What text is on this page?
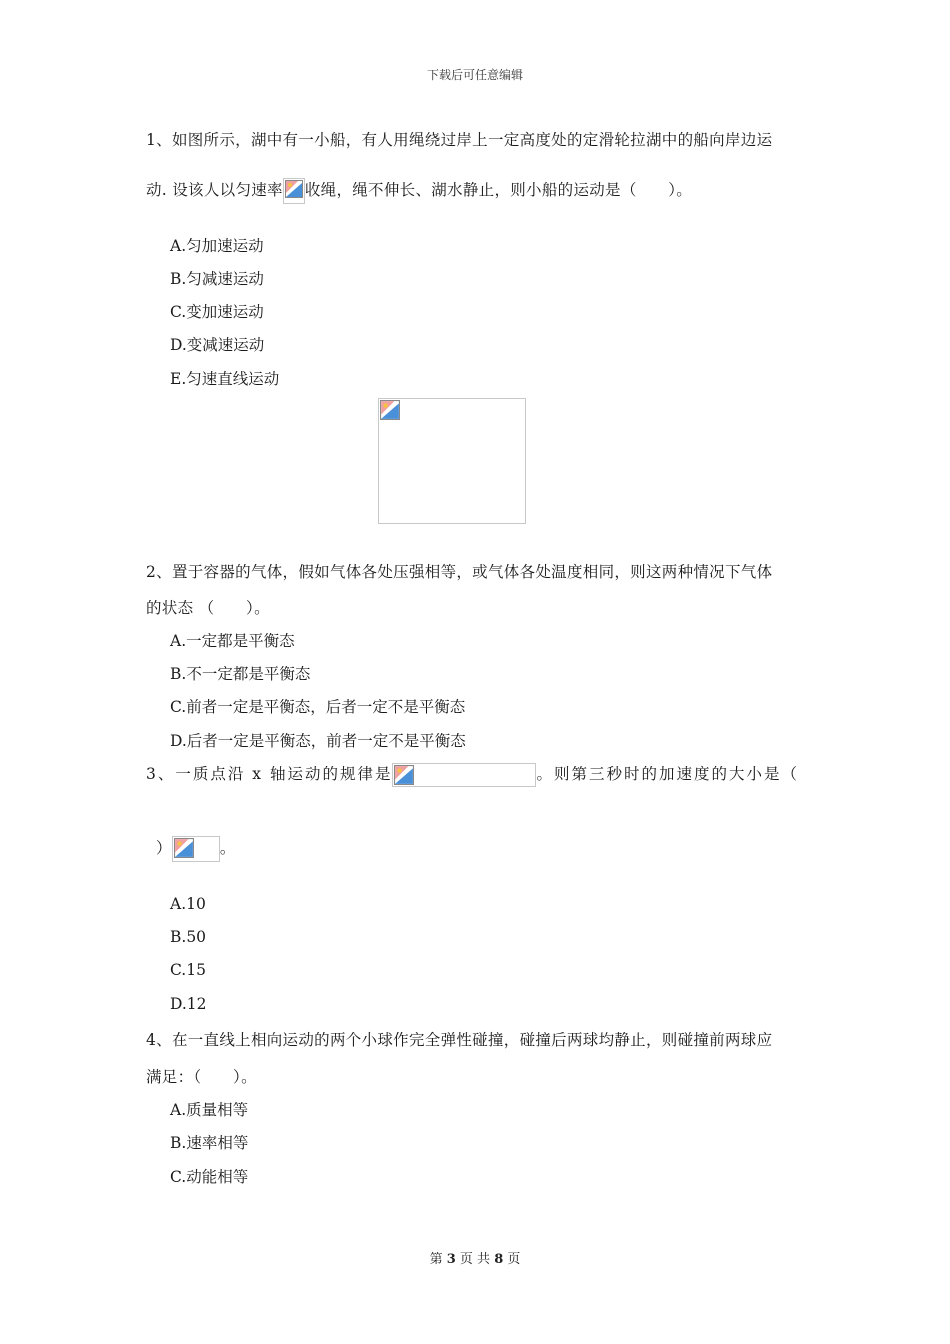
下载后可任意编辑
1、如图所示，湖中有一小船，有人用绳绕过岸上一定高度处的定滑轮拉湖中的船向岸边运
动. 设该人以匀速率 收绳，绳不伸长、湖水静止，则小船的运动是（　　）。
A.匀加速运动
B.匀减速运动
C.变加速运动
D.变减速运动
E.匀速直线运动
2、置于容器的气体，假如气体各处压强相等，或气体各处温度相同，则这两种情况下气体
的状态 （　　）。
A.一定都是平衡态
B.不一定都是平衡态
C.前者一定是平衡态，后者一定不是平衡态
D.后者一定是平衡态，前者一定不是平衡态
3、一质点沿 x 轴运动的规律是	。则第三秒时的加速度的大小是（
）	。
A.10
B.50
C.15
D.12
4、在一直线上相向运动的两个小球作完全弹性碰撞，碰撞后两球均静止，则碰撞前两球应
满足：（　　）。
A.质量相等
B.速率相等
C.动能相等
第 3 页 共 8 页
